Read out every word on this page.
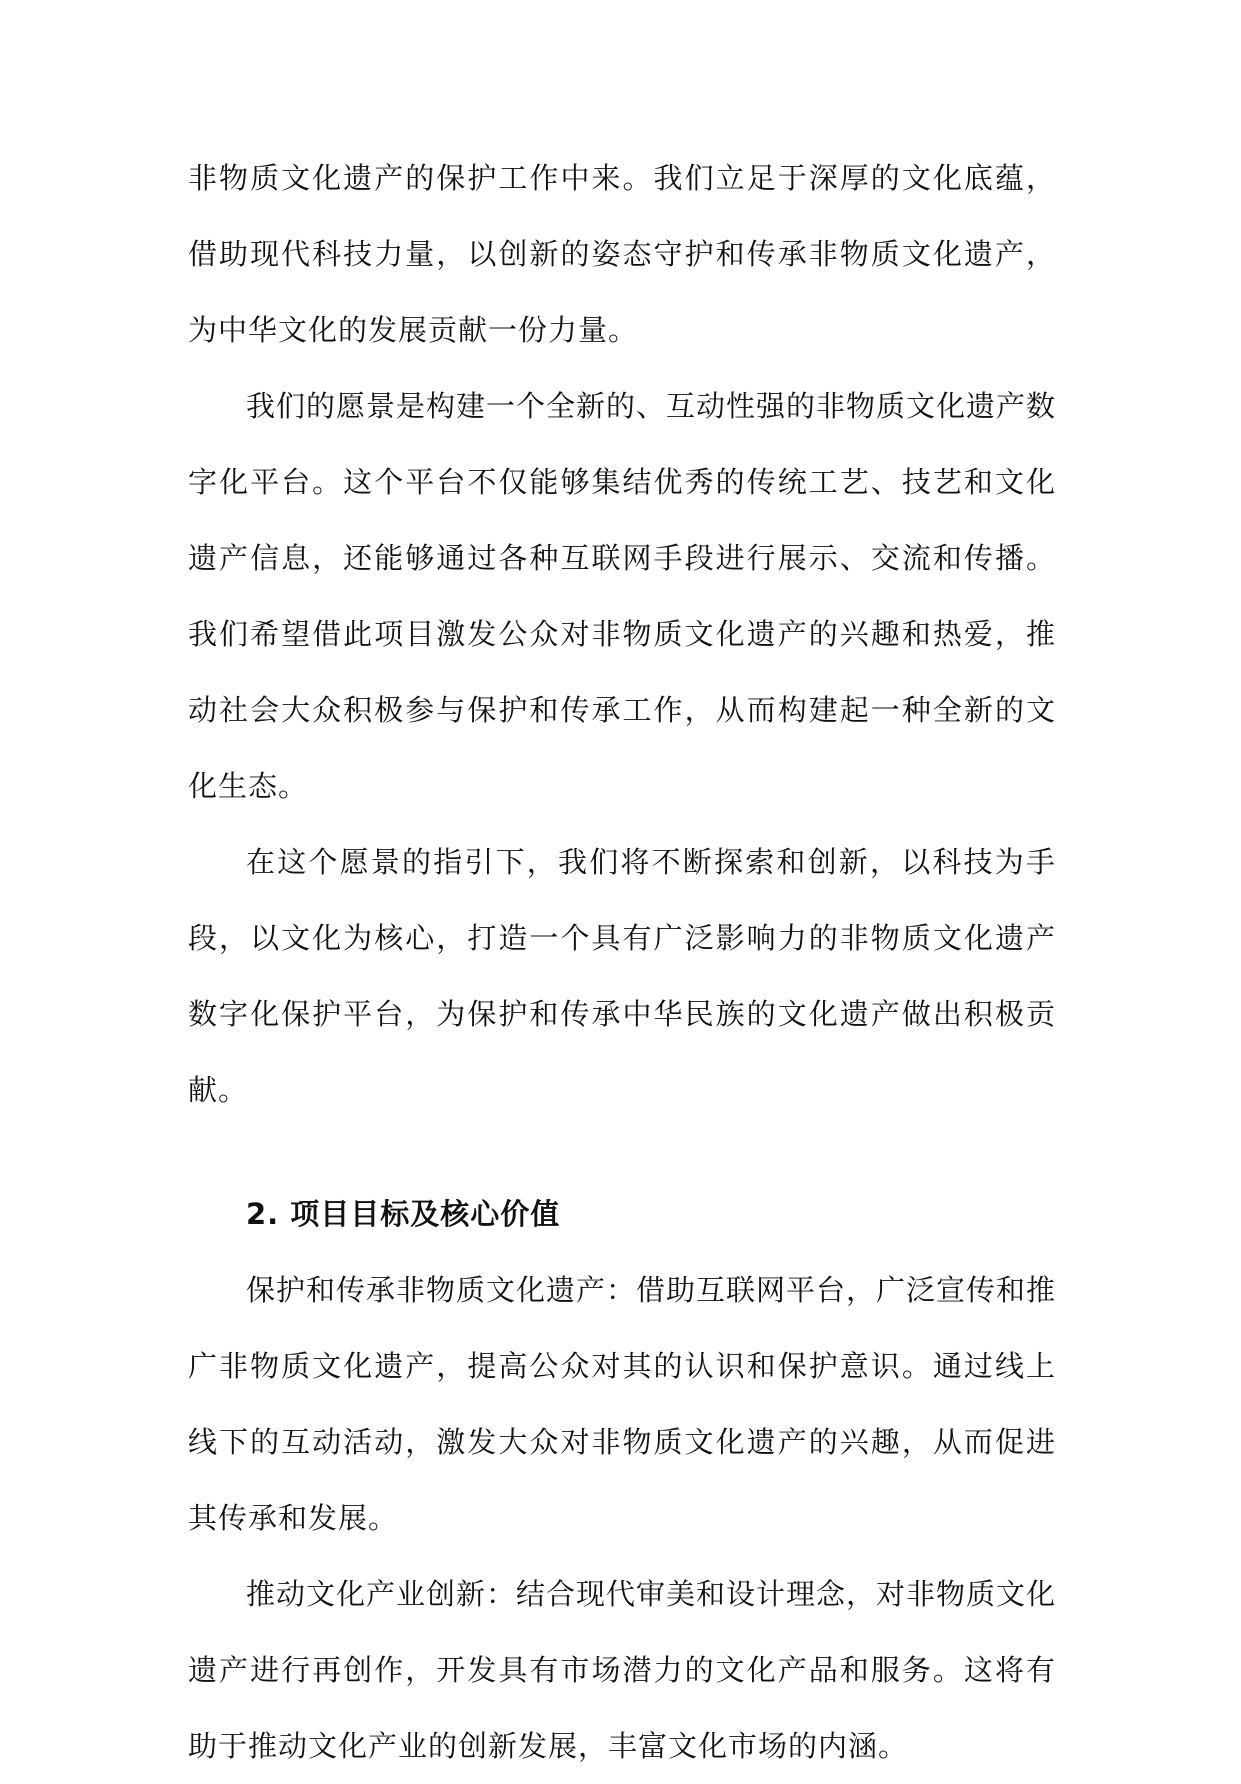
非物质文化遗产的保护工作中来。我们立足于深厚的文化底蕴，借助现代科技力量，以创新的姿态守护和传承非物质文化遗产，为中华文化的发展贡献一份力量。

我们的愿景是构建一个全新的、互动性强的非物质文化遗产数字化平台。这个平台不仅能够集结优秀的传统工艺、技艺和文化遗产信息，还能够通过各种互联网手段进行展示、交流和传播。我们希望借此项目激发公众对非物质文化遗产的兴趣和热爱，推动社会大众积极参与保护和传承工作，从而构建起一种全新的文化生态。

在这个愿景的指引下，我们将不断探索和创新，以科技为手段，以文化为核心，打造一个具有广泛影响力的非物质文化遗产数字化保护平台，为保护和传承中华民族的文化遗产做出积极贡献。

2. 项目目标及核心价值

保护和传承非物质文化遗产：借助互联网平台，广泛宣传和推广非物质文化遗产，提高公众对其的认识和保护意识。通过线上线下的互动活动，激发大众对非物质文化遗产的兴趣，从而促进其传承和发展。

推动文化产业创新：结合现代审美和设计理念，对非物质文化遗产进行再创作，开发具有市场潜力的文化产品和服务。这将有助于推动文化产业的创新发展，丰富文化市场的内涵。
